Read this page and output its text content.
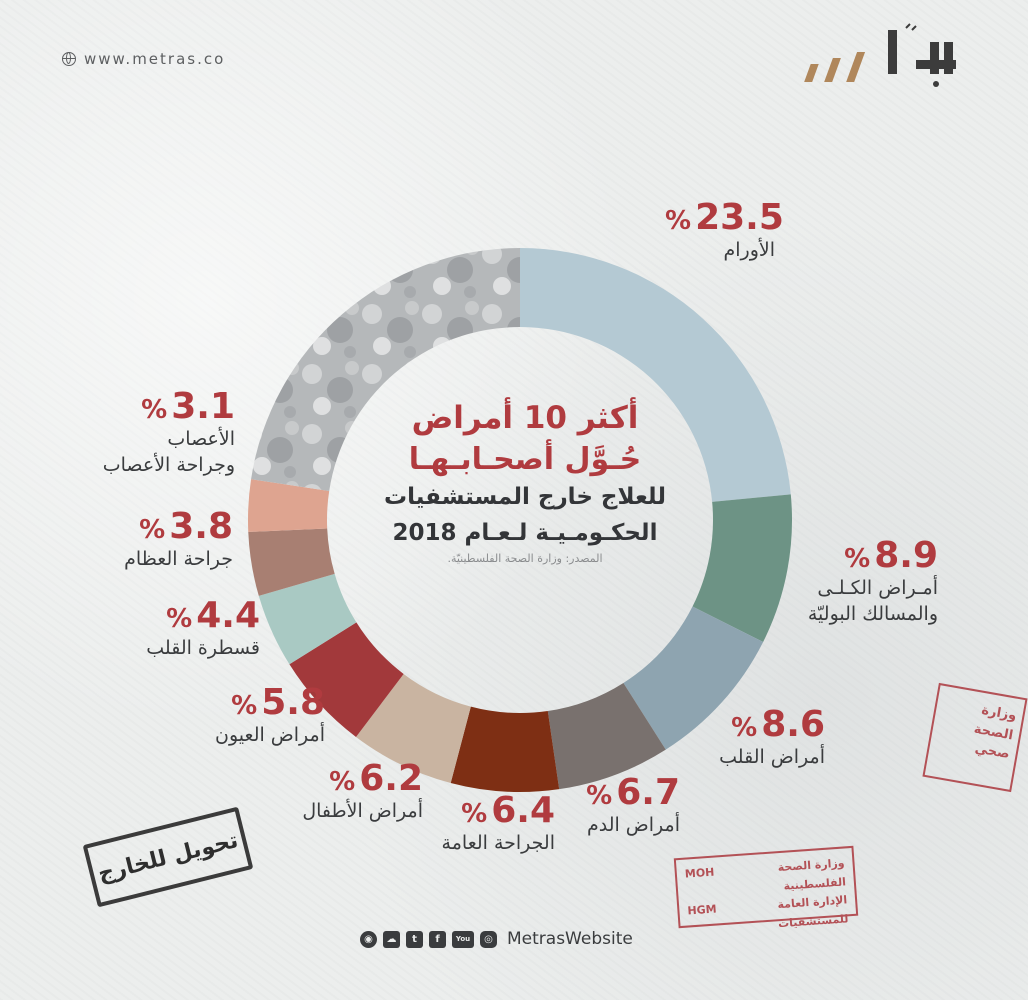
www.metras.co
أكثر 10 أمراض
حُـوَّل أصحـابـهـا
للعلاج خارج المستشفيات
الحكـومـيـة لـعـام 2018
المصدر: وزارة الصحة الفلسطينيّة.
% 23.5
الأورام
% 8.9
أمـراض الكـلـى
والمسالك البوليّة
% 8.6
أمراض القلب
% 6.7
أمراض الدم
% 6.4
الجراحة العامة
% 6.2
أمراض الأطفال
% 5.8
أمراض العيون
% 4.4
قسطرة القلب
% 3.8
جراحة العظام
% 3.1
الأعصاب
وجراحة الأعصاب
تحويل للخارج	وزارة الصحة الفلسطينية
MOH
الإدارة العامة للمستشفيات
HGM
وزارة الصحة
صحي
◉	☁	t	f	You	◎ MetrasWebsite
